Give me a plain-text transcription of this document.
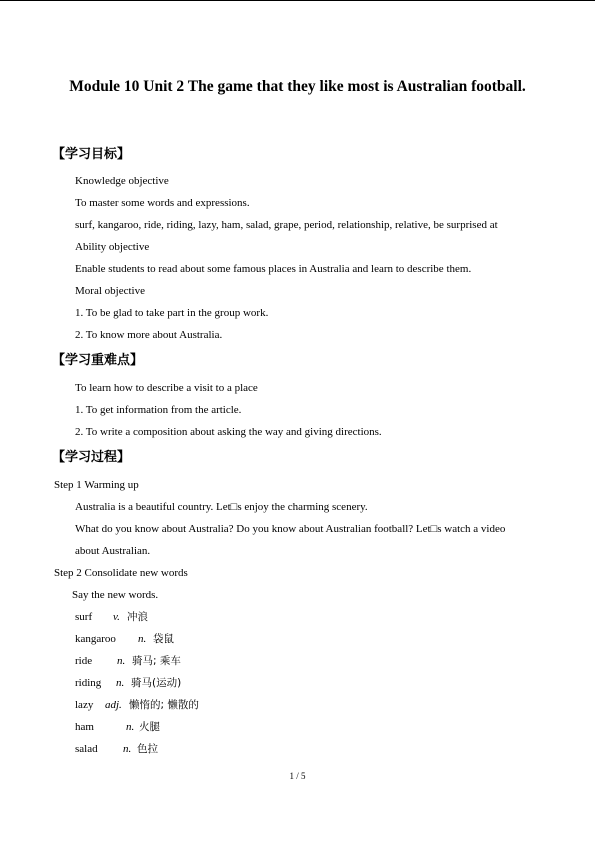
Module 10 Unit 2 The game that they like most is Australian football.
【学习目标】
Knowledge objective
To master some words and expressions.
surf, kangaroo, ride, riding, lazy, ham, salad, grape, period, relationship, relative, be surprised at
Ability objective
Enable students to read about some famous places in Australia and learn to describe them.
Moral objective
1. To be glad to take part in the group work.
2. To know more about Australia.
【学习重难点】
To learn how to describe a visit to a place
1. To get information from the article.
2. To write a composition about asking the way and giving directions.
【学习过程】
Step 1 Warming up
Australia is a beautiful country. Let□s enjoy the charming scenery.
What do you know about Australia? Do you know about Australian football? Let□s watch a video
about Australian.
Step 2 Consolidate new words
Say the new words.
surf v. 冲浪
kangaroo n. 袋鼠
ride n. 骑马; 乘车
riding n. 骑马(运动)
lazy adj. 懒惰的; 懒散的
ham	n. 火腿
salad n. 色拉
1 / 5
